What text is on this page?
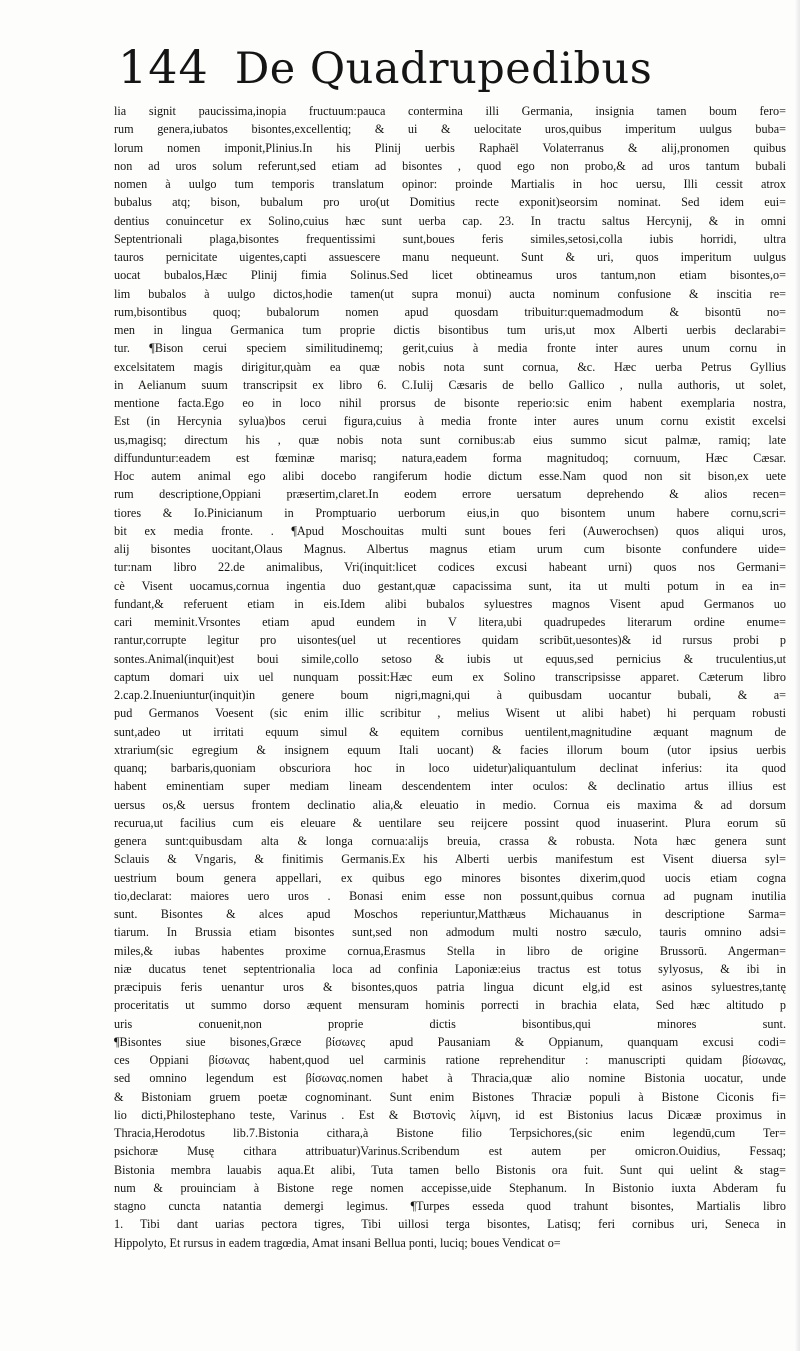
144 De Quadrupedibus
lia signit paucissima,inopia fructuum:pauca contermina illi Germania, insignia tamen boum fero=
rum genera,iubatos bisontes,excellentiq; & ui & uelocitate uros,quibus imperitum uulgus buba=
lorum nomen imponit,Plinius.In his Plinij uerbis Raphaël Volaterranus & alij,pronomen quibus
non ad uros solum referunt,sed etiam ad bisontes , quod ego non probo,& ad uros tantum bubali
nomen à uulgo tum temporis translatum opinor: proinde Martialis in hoc uersu, Illi cessit atrox
bubalus atq; bison, bubalum pro uro(ut Domitius recte exponit)seorsim nominat. Sed idem eui=
dentius conuincetur ex Solino,cuius hæc sunt uerba cap. 23. In tractu saltus Hercynij, & in omni
Septentrionali plaga,bisontes frequentissimi sunt,boues feris similes,setosi,colla iubis horridi, ultra
tauros pernicitate uigentes,capti assuescere manu nequeunt. Sunt & uri, quos imperitum uulgus
uocat bubalos,Hæc Plinij fimia Solinus.Sed licet obtineamus uros tantum,non etiam bisontes,o=
lim bubalos à uulgo dictos,hodie tamen(ut supra monui) aucta nominum confusione & inscitia re=
rum,bisontibus quoq; bubalorum nomen apud quosdam tribuitur:quemadmodum & bisontū no=
men in lingua Germanica tum proprie dictis bisontibus tum uris,ut mox Alberti uerbis declarabi=
tur. ¶Bison cerui speciem similitudinemq; gerit,cuius à media fronte inter aures unum cornu in
excelsitatem magis dirigitur,quàm ea quæ nobis nota sunt cornua, &c. Hæc uerba Petrus Gyllius
in Aelianum suum transcripsit ex libro 6. C.Iulij Cæsaris de bello Gallico , nulla authoris, ut solet,
mentione facta.Ego eo in loco nihil prorsus de bisonte reperio:sic enim habent exemplaria nostra,
Est (in Hercynia sylua)bos cerui figura,cuius à media fronte inter aures unum cornu existit excelsi
us,magisq; directum his , quæ nobis nota sunt cornibus:ab eius summo sicut palmæ, ramiq; late
diffunduntur:eadem est fœminæ marisq; natura,eadem forma magnitudoq; cornuum, Hæc Cæsar.
Hoc autem animal ego alibi docebo rangiferum hodie dictum esse.Nam quod non sit bison,ex uete
rum descriptione,Oppiani præsertim,claret.In eodem errore uersatum deprehendo & alios recen=
tiores & Io.Pinicianum in Promptuario uerborum eius,in quo bisontem unum habere cornu,scri=
bit ex media fronte. . ¶Apud Moschouitas multi sunt boues feri (Auwerochsen) quos aliqui uros,
alij bisontes uocitant,Olaus Magnus. Albertus magnus etiam urum cum bisonte confundere uide=
tur:nam libro 22.de animalibus, Vri(inquit:licet codices excusi habeant urni) quos nos Germani=
cè Visent uocamus,cornua ingentia duo gestant,quæ capacissima sunt, ita ut multi potum in ea in=
fundant,& referuent etiam in eis.Idem alibi bubalos syluestres magnos Visent apud Germanos uo
cari meminit.Vrsontes etiam apud eundem in V litera,ubi quadrupedes literarum ordine enume=
rantur,corrupte legitur pro uisontes(uel ut recentiores quidam scribūt,uesontes)& id rursus probi p
sontes.Animal(inquit)est boui simile,collo setoso & iubis ut equus,sed pernicius & truculentius,ut
captum domari uix uel nunquam possit:Hæc eum ex Solino transcripsisse apparet. Cæterum libro
2.cap.2.Inueniuntur(inquit)in genere boum nigri,magni,qui à quibusdam uocantur bubali, & a=
pud Germanos Voesent (sic enim illic scribitur , melius Wisent ut alibi habet) hi perquam robusti
sunt,adeo ut irritati equum simul & equitem cornibus uentilent,magnitudine æquant magnum de
xtrarium(sic egregium & insignem equum Itali uocant) & facies illorum boum (utor ipsius uerbis
quanq; barbaris,quoniam obscuriora hoc in loco uidetur)aliquantulum declinat inferius: ita quod
habent eminentiam super mediam lineam descendentem inter oculos: & declinatio artus illius est
uersus os,& uersus frontem declinatio alia,& eleuatio in medio. Cornua eis maxima & ad dorsum
recurua,ut facilius cum eis eleuare & uentilare seu reijcere possint quod inuaserint. Plura eorum sū
genera sunt:quibusdam alta & longa cornua:alijs breuia, crassa & robusta. Nota hæc genera sunt
Sclauis & Vngaris, & finitimis Germanis.Ex his Alberti uerbis manifestum est Visent diuersa syl=
uestrium boum genera appellari, ex quibus ego minores bisontes dixerim,quod uocis etiam cogna
tio,declarat: maiores uero uros . Bonasi enim esse non possunt,quibus cornua ad pugnam inutilia
sunt. Bisontes & alces apud Moschos reperiuntur,Matthæus Michauanus in descriptione Sarma=
tiarum. In Brussia etiam bisontes sunt,sed non admodum multi nostro sæculo, tauris omnino adsi=
miles,& iubas habentes proxime cornua,Erasmus Stella in libro de origine Brussorū. Angerman=
niæ ducatus tenet septentrionalia loca ad confinia Laponiæ:eius tractus est totus sylуosus, & ibi in
præcipuis feris uenantur uros & bisontes,quos patria lingua dicunt elg,id est asinos syluestres,tantę
proceritatis ut summo dorso æquent mensuram hominis porrecti in brachia elata, Sed hæc altitudo p
uris conuenit,non proprie dictis bisontibus,qui minores sunt.
¶Bisontes siue bisones,Græce βίσωνες apud Pausaniam & Oppianum, quanquam excusi codi=
ces Oppiani βίσωνας habent,quod uel carminis ratione reprehenditur : manuscripti quidam βίσωνας,
sed omnino legendum est βίσωνας.nomen habet à Thracia,quæ alio nomine Bistonia uocatur, unde
& Bistoniam gruem poetæ cognominant. Sunt enim Bistones Thraciæ populi à Bistone Ciconis fi=
lio dicti,Philostephano teste, Varinus . Est & Βιστονὶς λίμνη, id est Bistonius lacus Dicææ proximus in
Thracia,Herodotus lib.7.Bistonia cithara,à Bistone filio Terpsichores,(sic enim legendū,cum Ter=
psichoræ Musę cithara attribuatur)Varinus.Scribendum est autem per omicron.Ouidius, Fessaq;
Bistonia membra lauabis aqua.Et alibi, Tuta tamen bello Bistonis ora fuit. Sunt qui uelint & stag=
num & prouinciam à Bistone rege nomen accepisse,uide Stephanum. In Bistonio iuxta Abderam fu
stagno cuncta natantia demergi legimus. ¶Turpes esseda quod trahunt bisontes, Martialis libro
1. Tibi dant uarias pectora tigres, Tibi uillosi terga bisontes, Latisq; feri cornibus uri, Seneca in
Hippolyto, Et rursus in eadem tragœdia, Amat insani Bellua ponti, luciq; boues Vendicat o=
